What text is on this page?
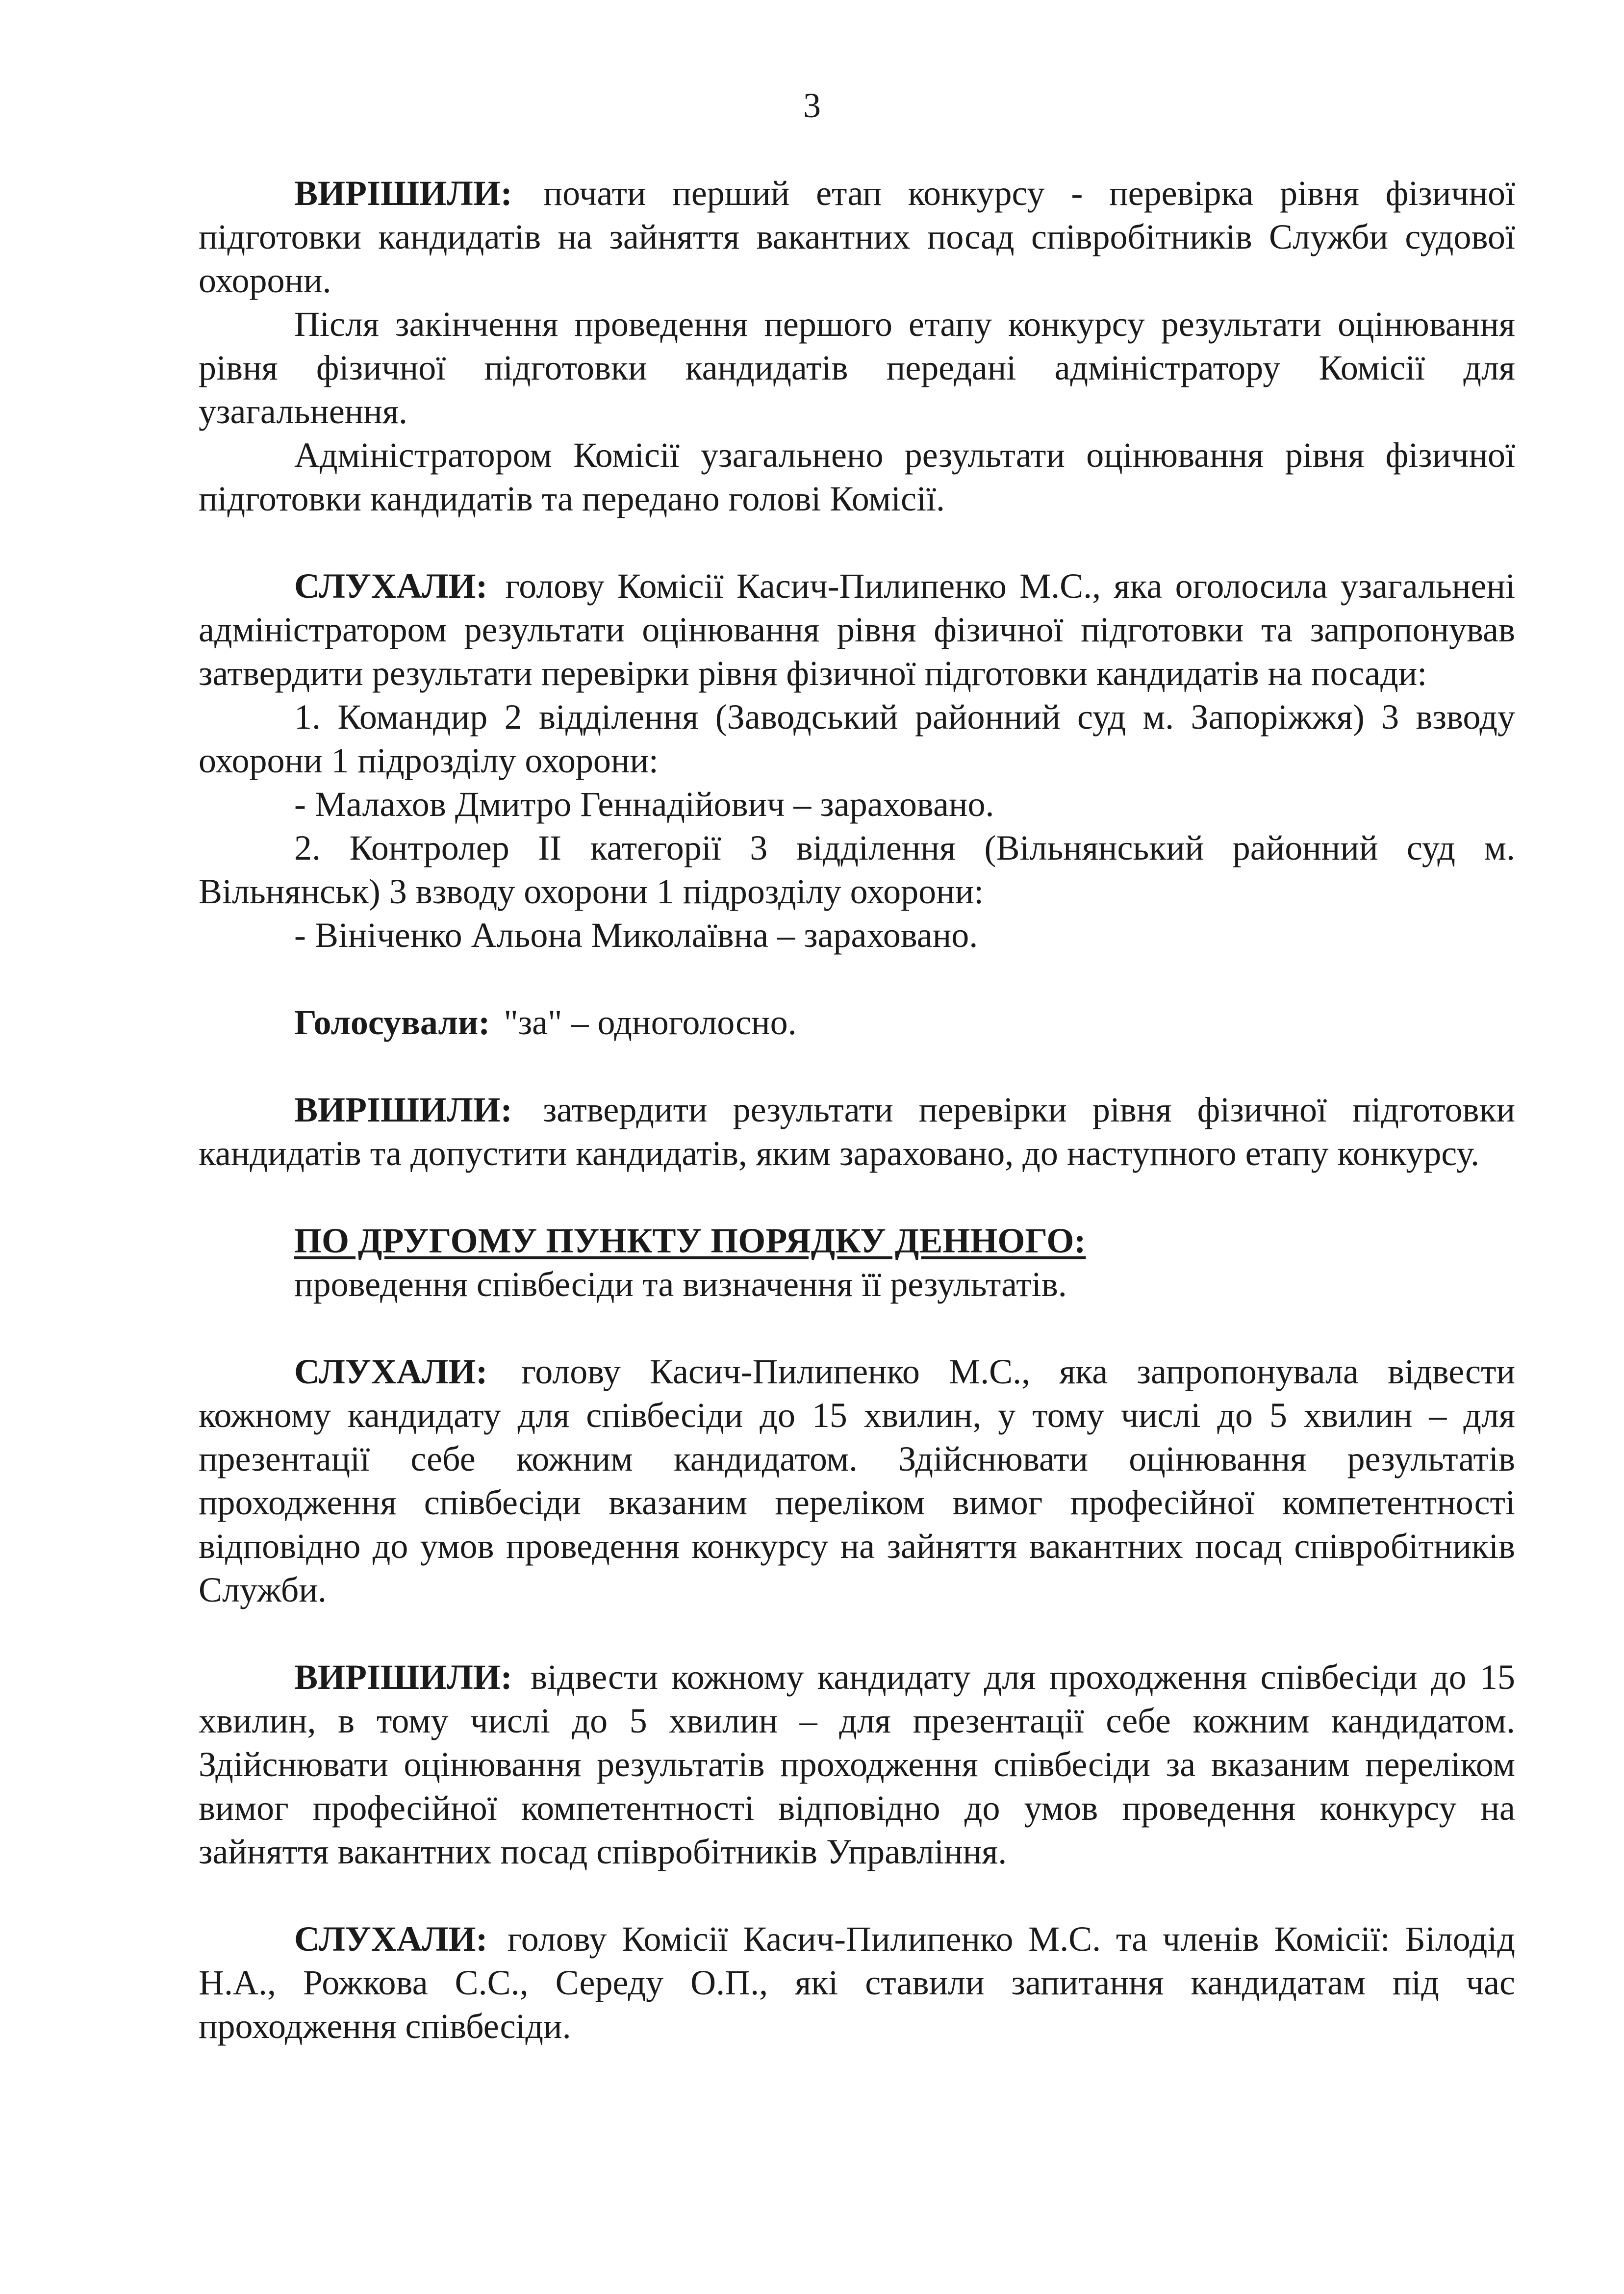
3

ВИРІШИЛИ: почати перший етап конкурсу - перевірка рівня фізичної підготовки кандидатів на зайняття вакантних посад співробітників Служби судової охорони.

Після закінчення проведення першого етапу конкурсу результати оцінювання рівня фізичної підготовки кандидатів передані адміністратору Комісії для узагальнення.

Адміністратором Комісії узагальнено результати оцінювання рівня фізичної підготовки кандидатів та передано голові Комісії.

СЛУХАЛИ: голову Комісії Касич-Пилипенко М.С., яка оголосила узагальнені адміністратором результати оцінювання рівня фізичної підготовки та запропонував затвердити результати перевірки рівня фізичної підготовки кандидатів на посади:

1. Командир 2 відділення (Заводський районний суд м. Запоріжжя) 3 взводу охорони 1 підрозділу охорони:

- Малахов Дмитро Геннадійович – зараховано.

2. Контролер ІІ категорії 3 відділення (Вільнянський районний суд м. Вільнянськ) 3 взводу охорони 1 підрозділу охорони:

- Вініченко Альона Миколаївна – зараховано.

Голосували: "за" – одноголосно.

ВИРІШИЛИ: затвердити результати перевірки рівня фізичної підготовки кандидатів та допустити кандидатів, яким зараховано, до наступного етапу конкурсу.

ПО ДРУГОМУ ПУНКТУ ПОРЯДКУ ДЕННОГО:

проведення співбесіди та визначення її результатів.

СЛУХАЛИ: голову Касич-Пилипенко М.С., яка запропонувала відвести кожному кандидату для співбесіди до 15 хвилин, у тому числі до 5 хвилин – для презентації себе кожним кандидатом. Здійснювати оцінювання результатів проходження співбесіди вказаним переліком вимог професійної компетентності відповідно до умов проведення конкурсу на зайняття вакантних посад співробітників Служби.

ВИРІШИЛИ: відвести кожному кандидату для проходження співбесіди до 15 хвилин, в тому числі до 5 хвилин – для презентації себе кожним кандидатом. Здійснювати оцінювання результатів проходження співбесіди за вказаним переліком вимог професійної компетентності відповідно до умов проведення конкурсу на зайняття вакантних посад співробітників Управління.

СЛУХАЛИ: голову Комісії Касич-Пилипенко М.С. та членів Комісії: Білодід Н.А., Рожкова С.С., Середу О.П., які ставили запитання кандидатам під час проходження співбесіди.
